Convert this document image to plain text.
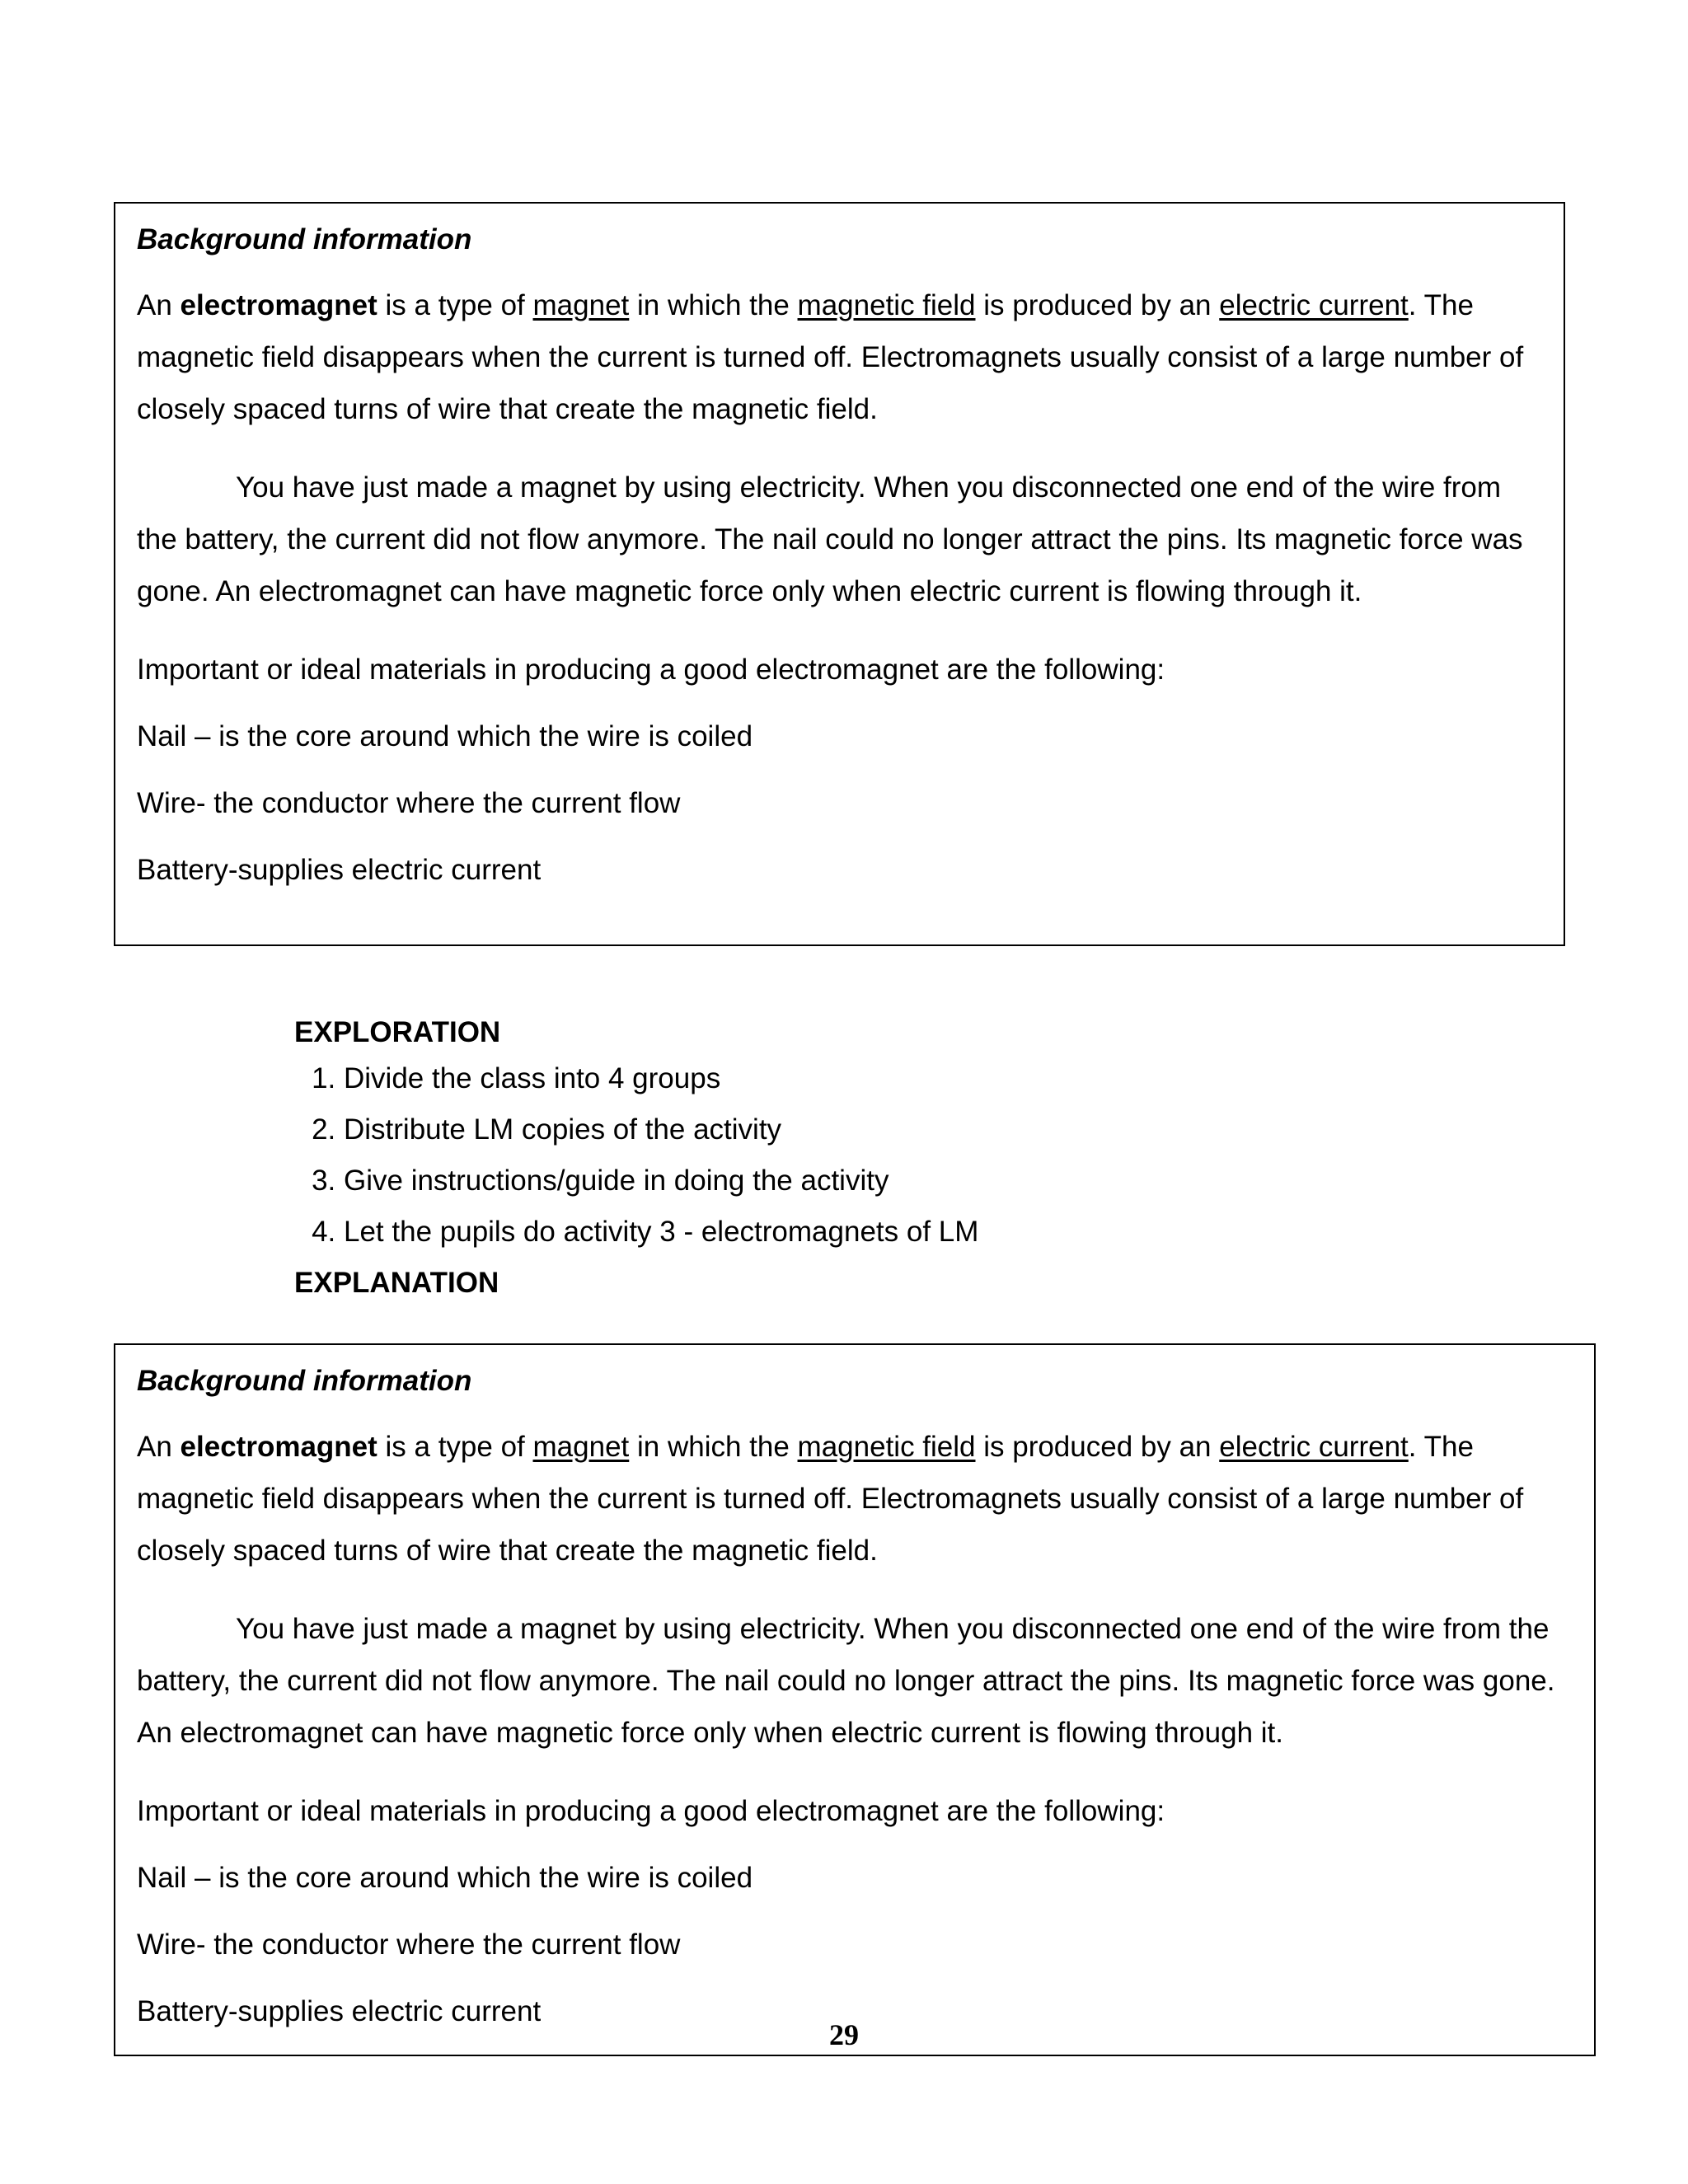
Background information

An electromagnet is a type of magnet in which the magnetic field is produced by an electric current. The magnetic field disappears when the current is turned off. Electromagnets usually consist of a large number of closely spaced turns of wire that create the magnetic field.

You have just made a magnet by using electricity. When you disconnected one end of the wire from the battery, the current did not flow anymore. The nail could no longer attract the pins. Its magnetic force was gone. An electromagnet can have magnetic force only when electric current is flowing through it.

Important or ideal materials in producing a good electromagnet are the following:

Nail – is the core around which the wire is coiled

Wire- the conductor where the current flow

Battery-supplies electric current

EXPLORATION
1. Divide the class into 4 groups
2. Distribute LM copies of the activity
3. Give instructions/guide in doing the activity
4. Let the pupils do activity 3 - electromagnets of LM
EXPLANATION

Background information

An electromagnet is a type of magnet in which the magnetic field is produced by an electric current. The magnetic field disappears when the current is turned off. Electromagnets usually consist of a large number of closely spaced turns of wire that create the magnetic field.

You have just made a magnet by using electricity. When you disconnected one end of the wire from the battery, the current did not flow anymore. The nail could no longer attract the pins. Its magnetic force was gone. An electromagnet can have magnetic force only when electric current is flowing through it.

Important or ideal materials in producing a good electromagnet are the following:

Nail – is the core around which the wire is coiled

Wire- the conductor where the current flow

Battery-supplies electric current

29
